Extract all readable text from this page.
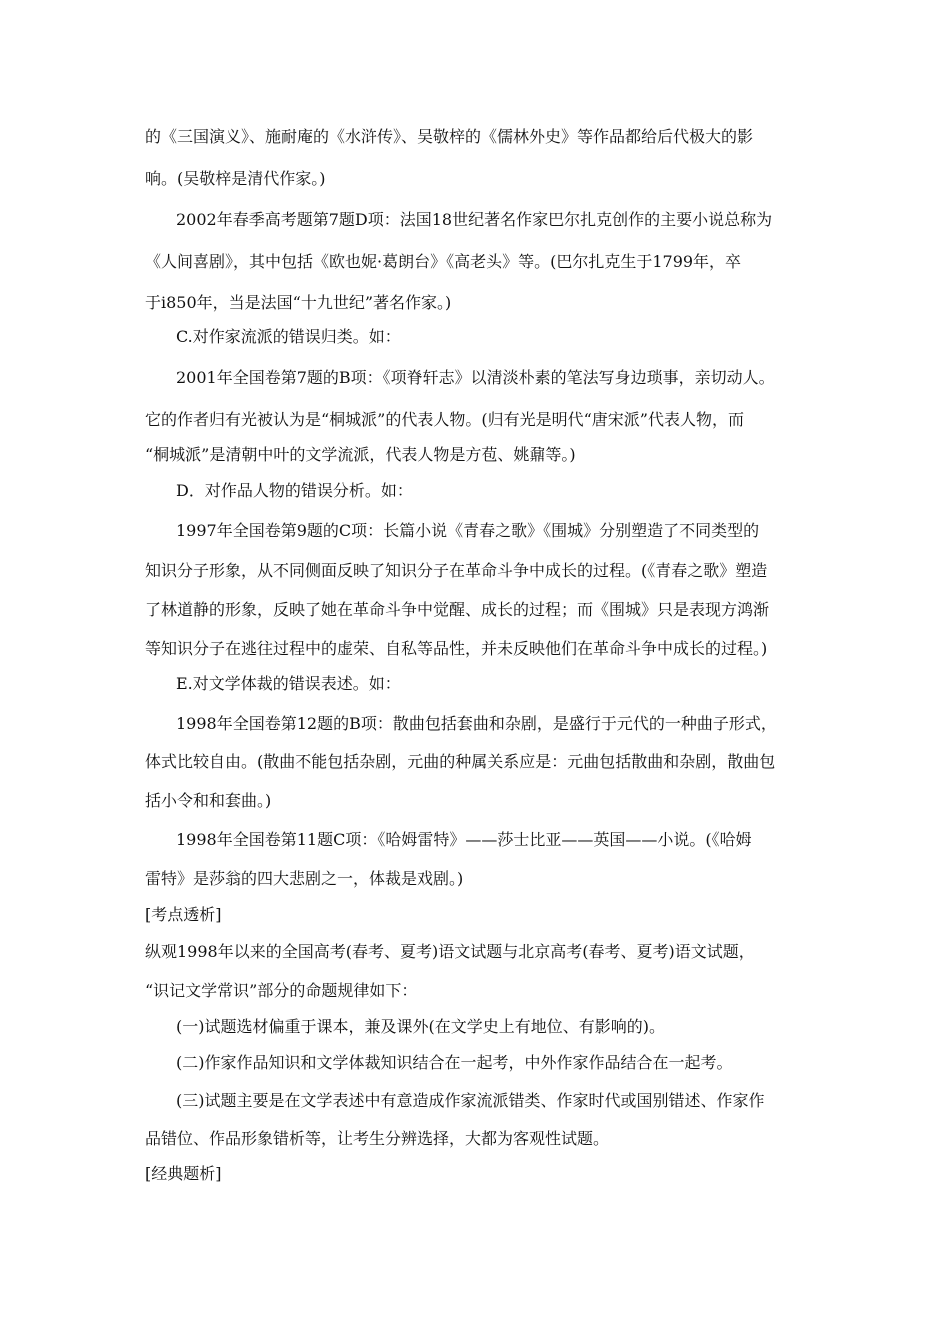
的《三国演义》、施耐庵的《水浒传》、吴敬梓的《儒林外史》等作品都给后代极大的影
响。(吴敬梓是清代作家。)
2002年春季高考题第7题D项：法国18世纪著名作家巴尔扎克创作的主要小说总称为
《人间喜剧》，其中包括《欧也妮·葛朗台》《高老头》等。(巴尔扎克生于1799年，卒
于i850年，当是法国“十九世纪”著名作家。)
C.对作家流派的错误归类。如：
2001年全国卷第7题的B项：《项脊轩志》以清淡朴素的笔法写身边琐事，亲切动人。
它的作者归有光被认为是“桐城派”的代表人物。(归有光是明代“唐宋派”代表人物，而
“桐城派”是清朝中叶的文学流派，代表人物是方苞、姚鼐等。)
D．对作品人物的错误分析。如：
1997年全国卷第9题的C项：长篇小说《青春之歌》《围城》分别塑造了不同类型的
知识分子形象，从不同侧面反映了知识分子在革命斗争中成长的过程。(《青春之歌》塑造
了林道静的形象，反映了她在革命斗争中觉醒、成长的过程；而《围城》只是表现方鸿渐
等知识分子在逃往过程中的虚荣、自私等品性，并未反映他们在革命斗争中成长的过程。)
E.对文学体裁的错误表述。如：
1998年全国卷第12题的B项：散曲包括套曲和杂剧，是盛行于元代的一种曲子形式，
体式比较自由。(散曲不能包括杂剧，元曲的种属关系应是：元曲包括散曲和杂剧，散曲包
括小令和和套曲。)
1998年全国卷第11题C项：《哈姆雷特》——莎士比亚——英国——小说。(《哈姆
雷特》是莎翁的四大悲剧之一，体裁是戏剧。)
[考点透析]
纵观1998年以来的全国高考(春考、夏考)语文试题与北京高考(春考、夏考)语文试题，
“识记文学常识”部分的命题规律如下：
(一)试题选材偏重于课本，兼及课外(在文学史上有地位、有影响的)。
(二)作家作品知识和文学体裁知识结合在一起考，中外作家作品结合在一起考。
(三)试题主要是在文学表述中有意造成作家流派错类、作家时代或国别错述、作家作
品错位、作品形象错析等，让考生分辨选择，大都为客观性试题。
[经典题析]
